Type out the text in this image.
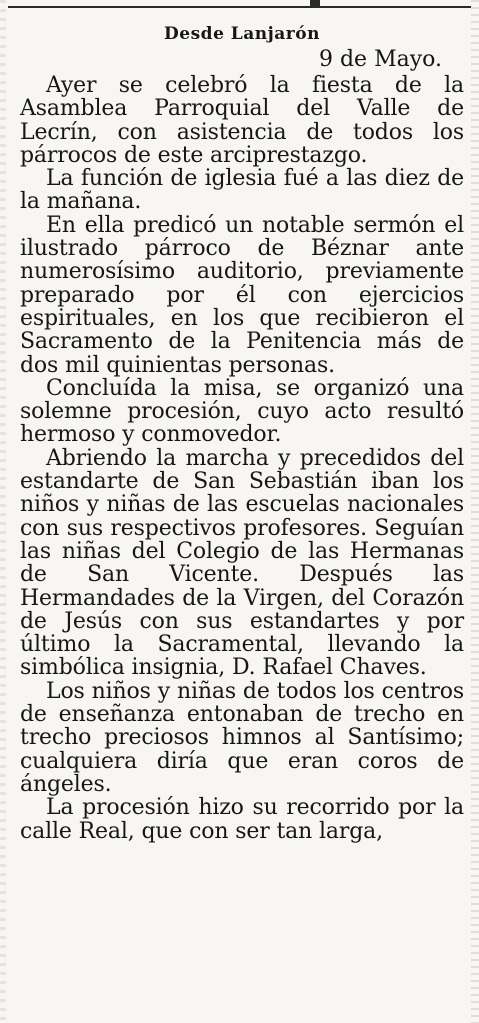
Desde Lanjarón

9 de Mayo.

Ayer se celebró la fiesta de la Asamblea Parroquial del Valle de Lecrín, con asistencia de todos los párrocos de este arciprestazgo.

La función de iglesia fué a las diez de la mañana.

En ella predicó un notable sermón el ilustrado párroco de Béznar ante numerosísimo auditorio, previamente preparado por él con ejercicios espirituales, en los que recibieron el Sacramento de la Penitencia más de dos mil quinientas personas.

Concluída la misa, se organizó una solemne procesión, cuyo acto resultó hermoso y conmovedor.

Abriendo la marcha y precedidos del estandarte de San Sebastián iban los niños y niñas de las escuelas nacionales con sus respectivos profesores. Seguían las niñas del Colegio de las Hermanas de San Vicente. Después las Hermandades de la Virgen, del Corazón de Jesús con sus estandartes y por último la Sacramental, llevando la simbólica insignia, D. Rafael Chaves.

Los niños y niñas de todos los centros de enseñanza entonaban de trecho en trecho preciosos himnos al Santísimo; cualquiera diría que eran coros de ángeles.

La procesión hizo su recorrido por la calle Real, que con ser tan larga,
